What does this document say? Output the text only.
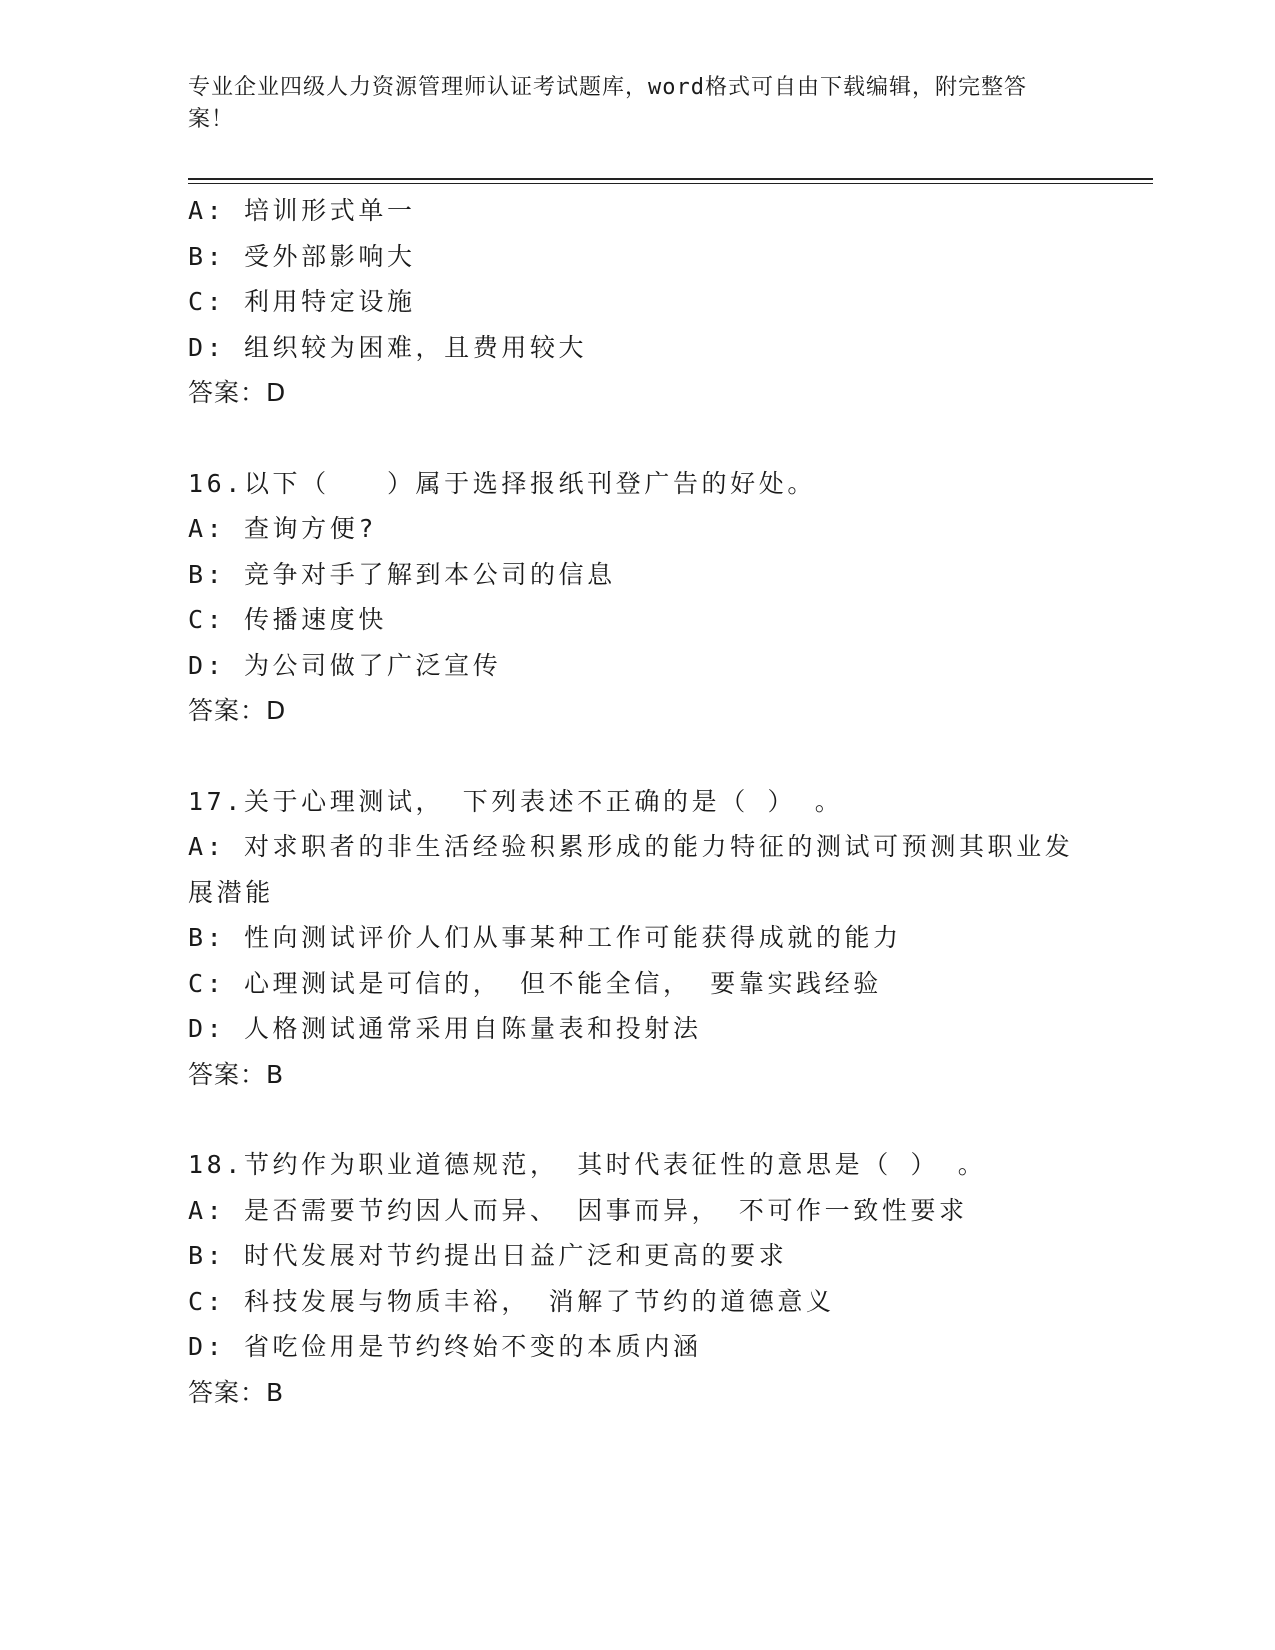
专业企业四级人力资源管理师认证考试题库，word格式可自由下载编辑，附完整答案！
A: 培训形式单一
B: 受外部影响大
C: 利用特定设施
D: 组织较为困难，且费用较大
答案：D
16.以下（　　）属于选择报纸刊登广告的好处。
A: 查询方便?
B: 竞争对手了解到本公司的信息
C: 传播速度快
D: 为公司做了广泛宣传
答案：D
17.关于心理测试， 下列表述不正确的是（ ） 。
A: 对求职者的非生活经验积累形成的能力特征的测试可预测其职业发展潜能
B: 性向测试评价人们从事某种工作可能获得成就的能力
C: 心理测试是可信的， 但不能全信， 要靠实践经验
D: 人格测试通常采用自陈量表和投射法
答案：B
18.节约作为职业道德规范， 其时代表征性的意思是（ ） 。
A: 是否需要节约因人而异、 因事而异， 不可作一致性要求
B: 时代发展对节约提出日益广泛和更高的要求
C: 科技发展与物质丰裕， 消解了节约的道德意义
D: 省吃俭用是节约终始不变的本质内涵
答案：B
